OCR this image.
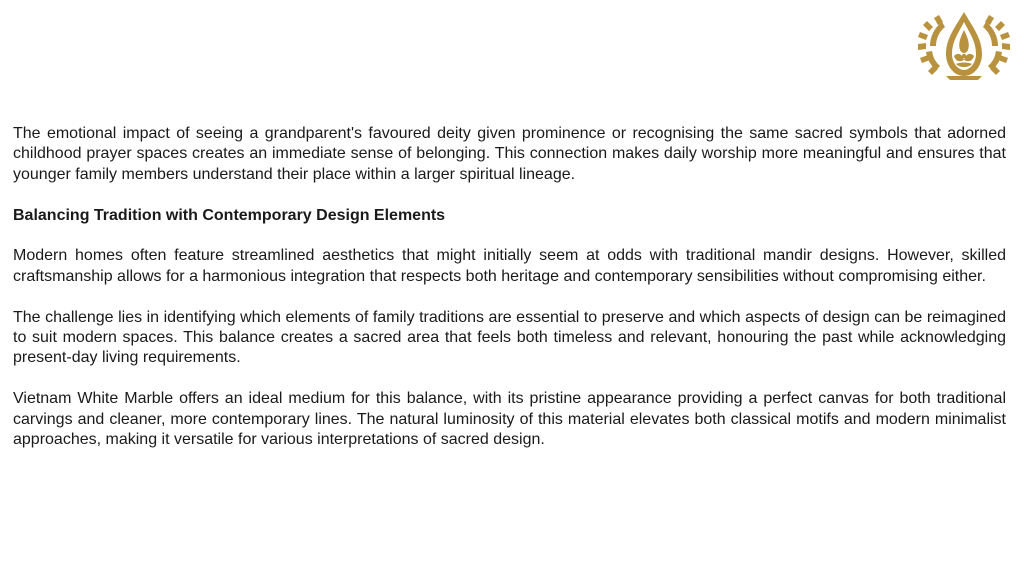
The emotional impact of seeing a grandparent's favoured deity given prominence or recognising the same sacred symbols that adorned childhood prayer spaces creates an immediate sense of belonging. This connection makes daily worship more meaningful and ensures that younger family members understand their place within a larger spiritual lineage.

Balancing Tradition with Contemporary Design Elements

Modern homes often feature streamlined aesthetics that might initially seem at odds with traditional mandir designs. However, skilled craftsmanship allows for a harmonious integration that respects both heritage and contemporary sensibilities without compromising either.

The challenge lies in identifying which elements of family traditions are essential to preserve and which aspects of design can be reimagined to suit modern spaces. This balance creates a sacred area that feels both timeless and relevant, honouring the past while acknowledging present-day living requirements.

Vietnam White Marble offers an ideal medium for this balance, with its pristine appearance providing a perfect canvas for both traditional carvings and cleaner, more contemporary lines. The natural luminosity of this material elevates both classical motifs and modern minimalist approaches, making it versatile for various interpretations of sacred design.
